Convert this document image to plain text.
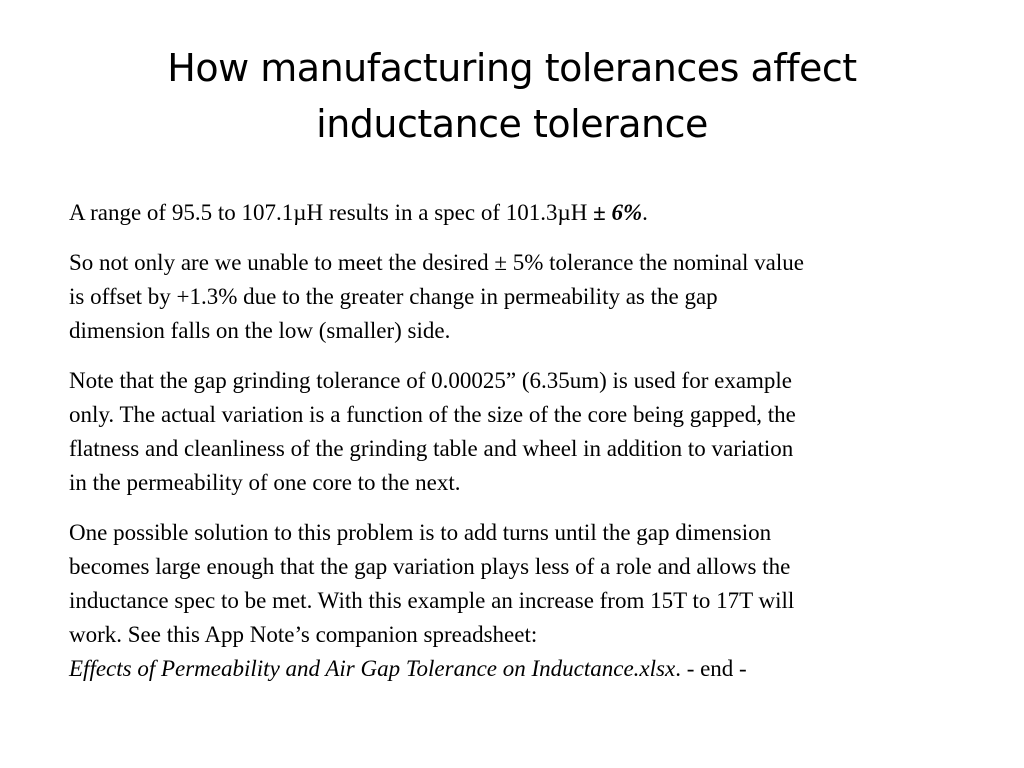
How manufacturing tolerances affect
inductance tolerance

A range of 95.5 to 107.1µH results in a spec of 101.3µH ± 6%.

So not only are we unable to meet the desired ± 5% tolerance the nominal value
is offset by +1.3% due to the greater change in permeability as the gap
dimension falls on the low (smaller) side.

Note that the gap grinding tolerance of 0.00025” (6.35um) is used for example
only. The actual variation is a function of the size of the core being gapped, the
flatness and cleanliness of the grinding table and wheel in addition to variation
in the permeability of one core to the next.

One possible solution to this problem is to add turns until the gap dimension
becomes large enough that the gap variation plays less of a role and allows the
inductance spec to be met. With this example an increase from 15T to 17T will
work. See this App Note’s companion spreadsheet:
Effects of Permeability and Air Gap Tolerance on Inductance.xlsx. - end -
